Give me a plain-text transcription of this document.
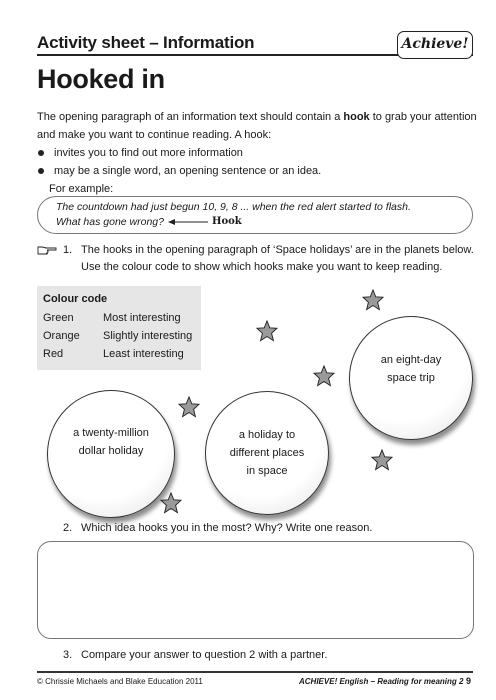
Activity sheet – Information	Achieve!
Hooked in

The opening paragraph of an information text should contain a hook to grab your attention and make you want to continue reading. A hook:

invites you to find out more information
may be a single word, an opening sentence or an idea.
For example:
The countdown had just begun 10, 9, 8 ... when the red alert started to flash.
What has gone wrong?	Hook
1. The hooks in the opening paragraph of ‘Space holidays’ are in the planets below. Use the colour code to show which hooks make you want to keep reading.
Colour code
Green	Most interesting
Orange Slightly interesting
Red	Least interesting	an eight-day
space trip
a twenty-million
dollar holiday
a holiday to
different places
in space
2. Which idea hooks you in the most? Why? Write one reason.
3. Compare your answer to question 2 with a partner.
© Chrissie Michaels and Blake Education 2011	ACHIEVE! English – Reading for meaning 2 9
